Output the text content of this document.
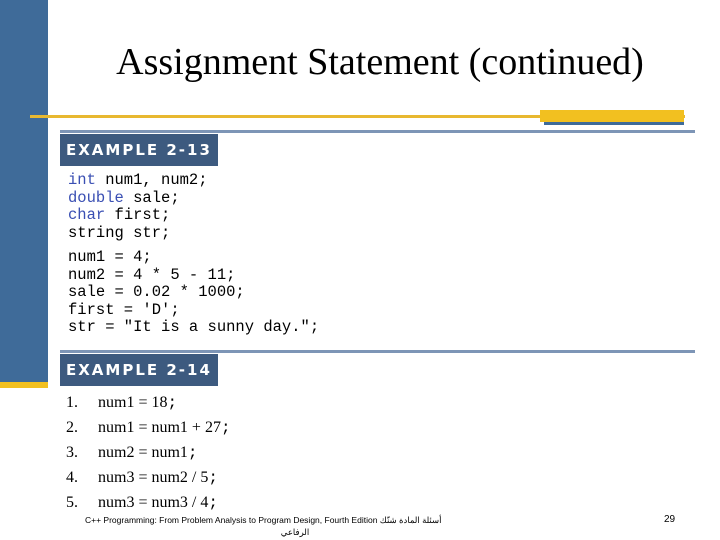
Assignment Statement (continued)
EXAMPLE 2-13
int num1, num2;
double sale;
char first;
string str;
num1 = 4;
num2 = 4 * 5 - 11;
sale = 0.02 * 1000;
first = 'D';
str = "It is a sunny day.";
EXAMPLE 2-14
1. num1 = 18;
2. num1 = num1 + 27;
3. num2 = num1;
4. num3 = num2 / 5;
5. num3 = num3 / 4;
C++ Programming: From Problem Analysis to Program Design, Fourth Edition أسئلة المادة شنّك
الرفاعي
29
